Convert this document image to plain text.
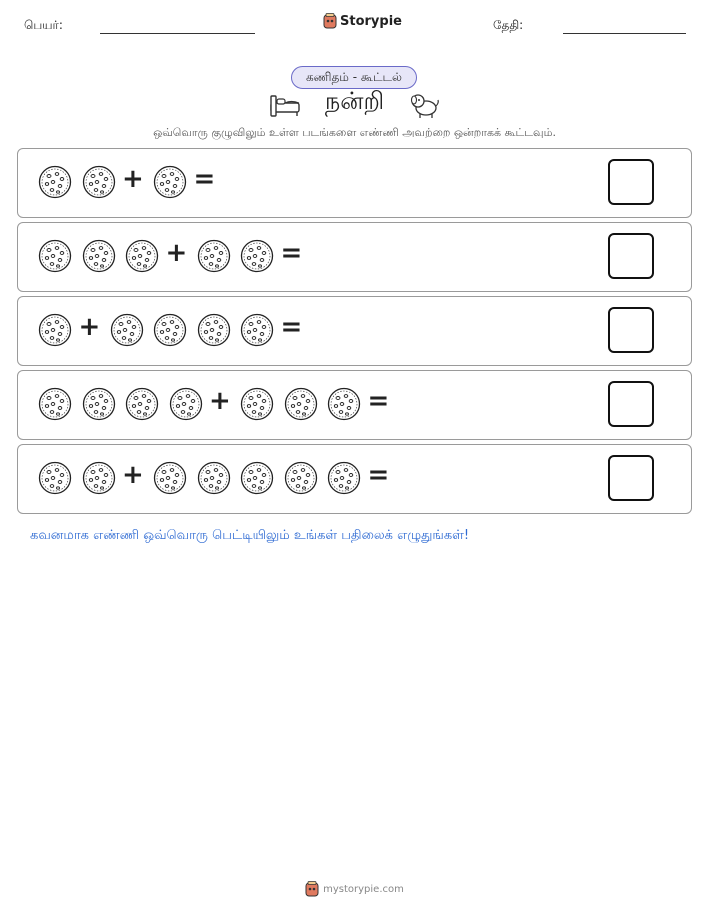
பெயர்:	Storypie	தேதி:
கணிதம் - கூட்டல்
நன்றி
ஒவ்வொரு குழுவிலும் உள்ள படங்களை எண்ணி அவற்றை ஒன்றாகக் கூட்டவும்.
+ =
+	=
+	=
+	=
+	=
கவனமாக எண்ணி ஒவ்வொரு பெட்டியிலும் உங்கள் பதிலைக் எழுதுங்கள்!
mystorypie.com
